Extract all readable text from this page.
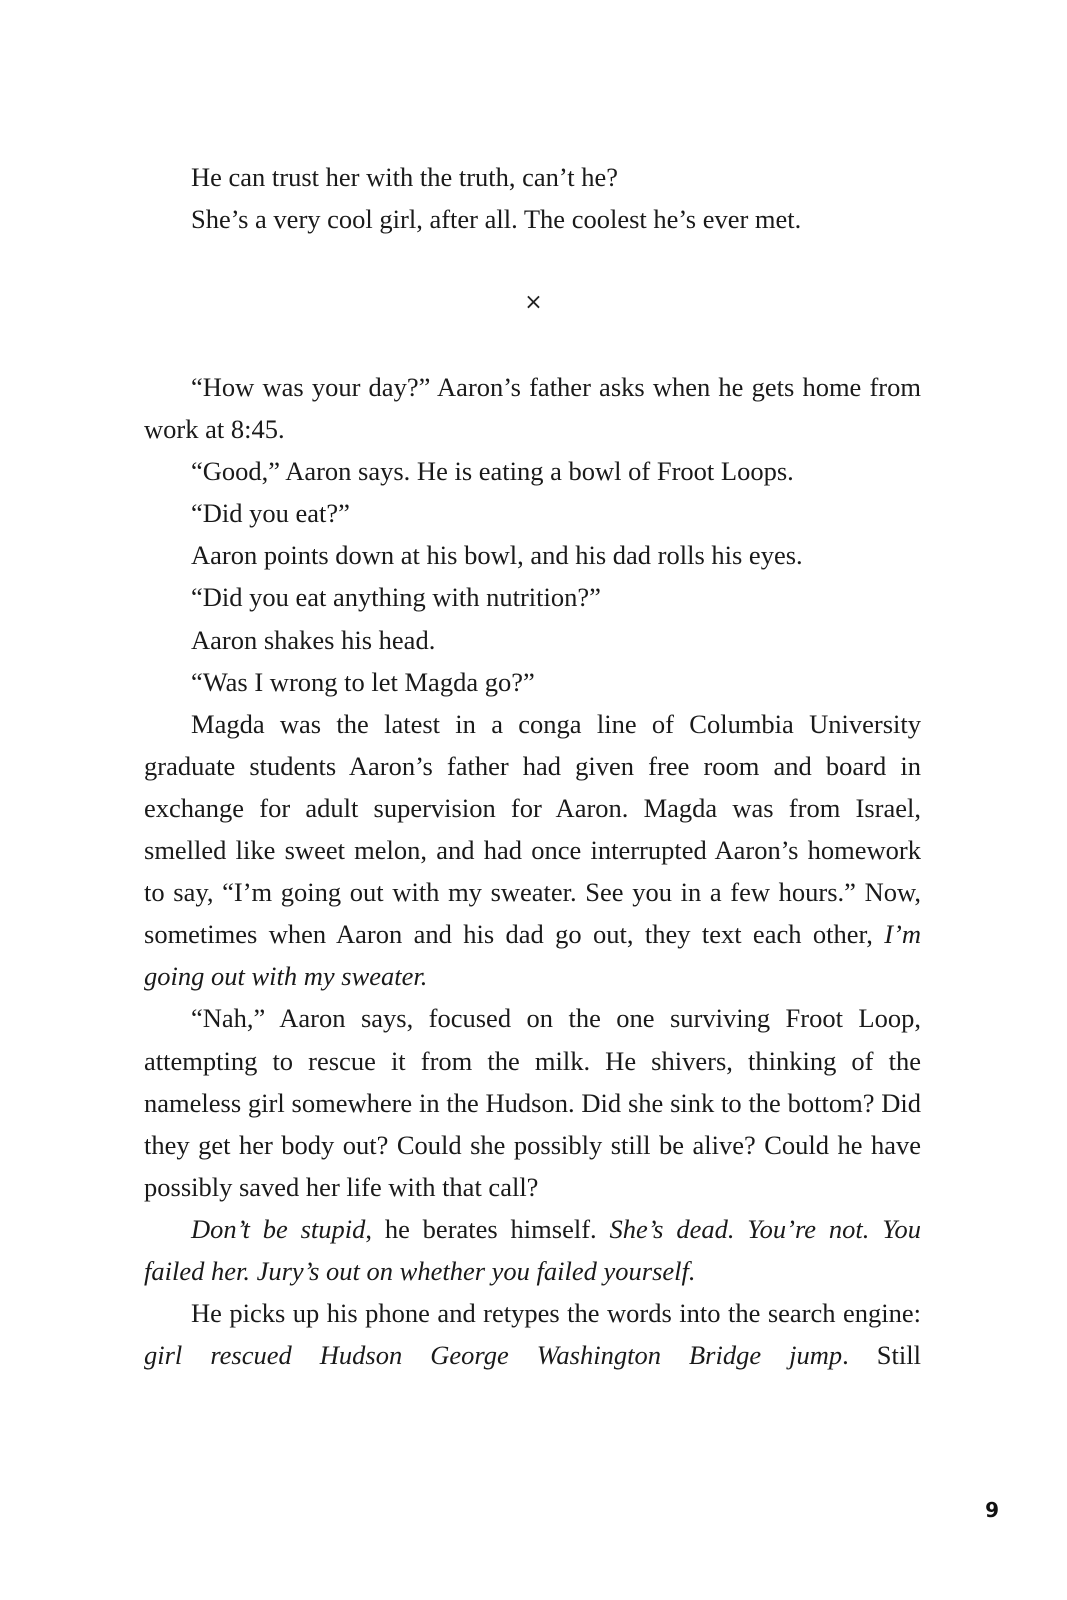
He can trust her with the truth, can’t he?

She’s a very cool girl, after all. The coolest he’s ever met.

×

“How was your day?” Aaron’s father asks when he gets home from work at 8:45.

“Good,” Aaron says. He is eating a bowl of Froot Loops.

“Did you eat?”

Aaron points down at his bowl, and his dad rolls his eyes.

“Did you eat anything with nutrition?”

Aaron shakes his head.

“Was I wrong to let Magda go?”

Magda was the latest in a conga line of Columbia University graduate students Aaron’s father had given free room and board in exchange for adult supervision for Aaron. Magda was from Israel, smelled like sweet melon, and had once interrupted Aaron’s homework to say, “I’m going out with my sweater. See you in a few hours.” Now, sometimes when Aaron and his dad go out, they text each other, I’m going out with my sweater.

“Nah,” Aaron says, focused on the one surviving Froot Loop, attempting to rescue it from the milk. He shivers, thinking of the nameless girl somewhere in the Hudson. Did she sink to the bottom? Did they get her body out? Could she possibly still be alive? Could he have possibly saved her life with that call?

Don’t be stupid, he berates himself. She’s dead. You’re not. You failed her. Jury’s out on whether you failed yourself.

He picks up his phone and retypes the words into the search engine: girl rescued Hudson George Washington Bridge jump. Still

9
